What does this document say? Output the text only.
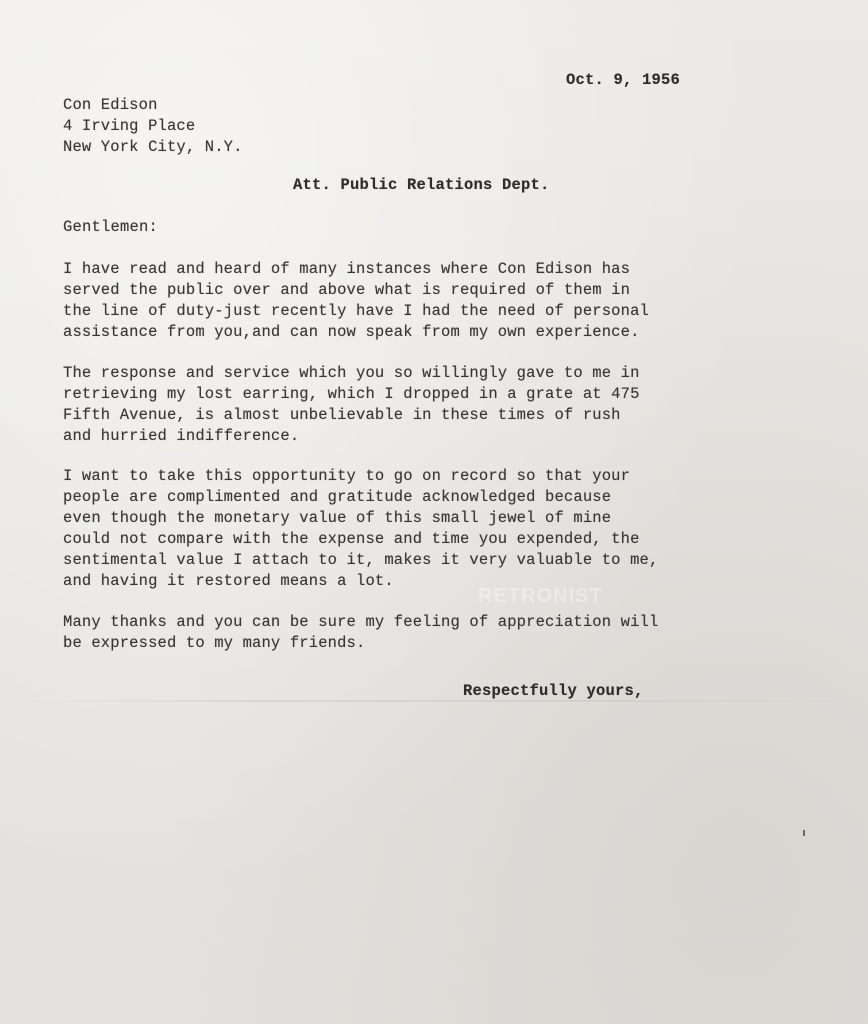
Oct. 9, 1956
Con Edison
4 Irving Place
New York City, N.Y.
Att. Public Relations Dept.
Gentlemen:
I have read and heard of many instances where Con Edison has
served the public over and above what is required of them in
the line of duty-just recently have I had the need of personal
assistance from you,and can now speak from my own experience.
The response and service which you so willingly gave to me in
retrieving my lost earring, which I dropped in a grate at 475
Fifth Avenue, is almost unbelievable in these times of rush
and hurried indifference.
I want to take this opportunity to go on record so that your
people are complimented and gratitude acknowledged because
even though the monetary value of this small jewel of mine
could not compare with the expense and time you expended, the
sentimental value I attach to it, makes it very valuable to me,
and having it restored means a lot.
RETRONIST
Many thanks and you can be sure my feeling of appreciation will
be expressed to my many friends.
Respectfully yours,
